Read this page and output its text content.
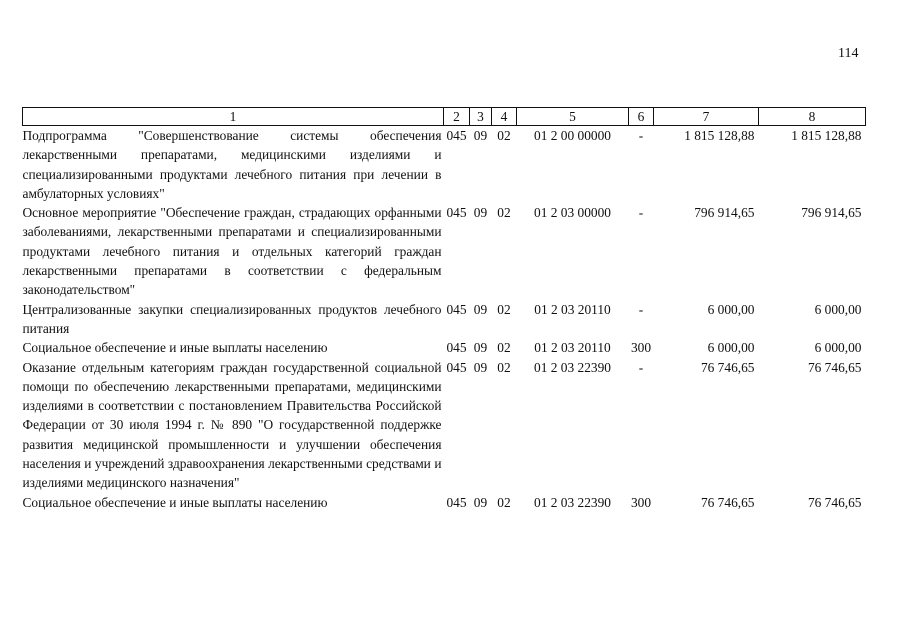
114
1	2	3	4	5	6	7	8
Подпрограмма "Совершенствование системы обеспечения лекарственными препаратами, медицинскими изделиями и специализированными продуктами лечебного питания при лечении в амбулаторных условиях"	045	09	02	01 2 00 00000	-	1 815 128,88	1 815 128,88
Основное мероприятие "Обеспечение граждан, страдающих орфанными заболеваниями, лекарственными препаратами и специализированными продуктами лечебного питания и отдельных категорий граждан лекарственными препаратами в соответствии с федеральным законодательством"	045	09	02	01 2 03 00000	-	796 914,65	796 914,65
Централизованные закупки специализированных продуктов лечебного питания	045	09	02	01 2 03 20110	-	6 000,00	6 000,00
Социальное обеспечение и иные выплаты населению	045	09	02	01 2 03 20110	300	6 000,00	6 000,00
Оказание отдельным категориям граждан государственной социальной помощи по обеспечению лекарственными препаратами, медицинскими изделиями в соответствии с постановлением Правительства Российской Федерации от 30 июля 1994 г. № 890 "О государственной поддержке развития медицинской промышленности и улучшении обеспечения населения и учреждений здравоохранения лекарственными средствами и изделиями медицинского назначения"	045	09	02	01 2 03 22390	-	76 746,65	76 746,65
Социальное обеспечение и иные выплаты населению	045	09	02	01 2 03 22390	300	76 746,65	76 746,65
